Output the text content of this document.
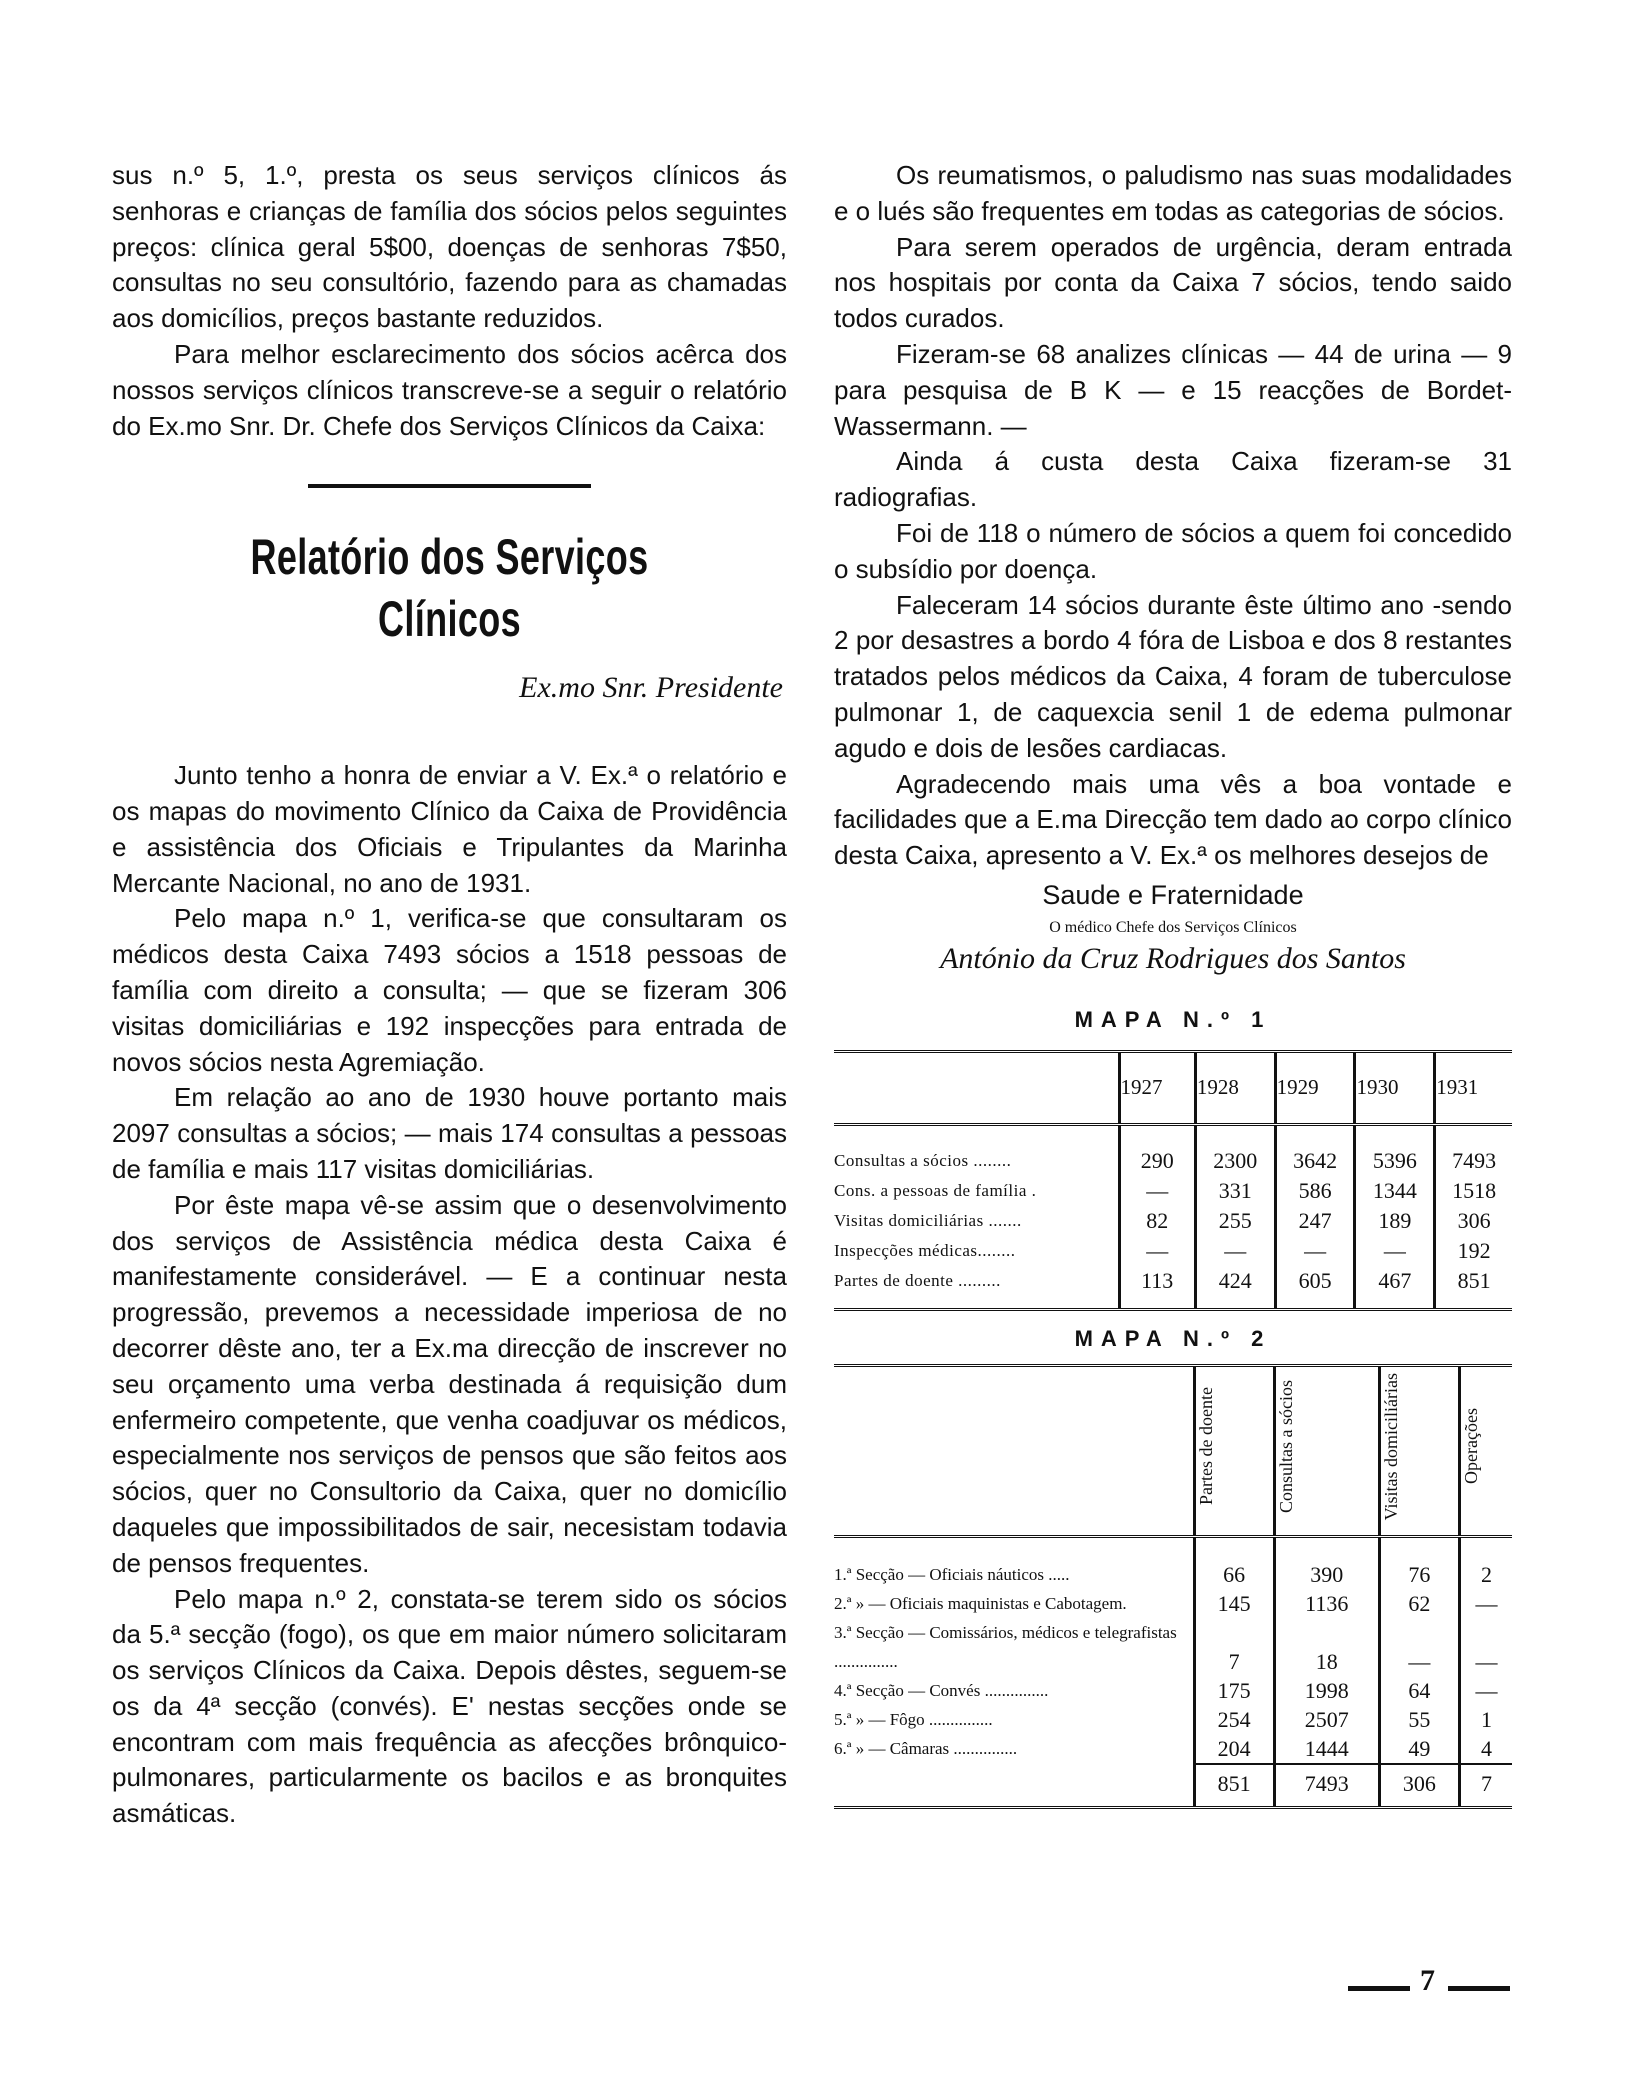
sus n.º 5, 1.º, presta os seus serviços clínicos ás senhoras e crianças de família dos sócios pelos seguintes preços: clínica geral 5$00, doenças de senhoras 7$50, consultas no seu consultório, fazendo para as chamadas aos domicílios, preços bastante reduzidos.

Para melhor esclarecimento dos sócios acêrca dos nossos serviços clínicos transcreve-se a seguir o relatório do Ex.mo Snr. Dr. Chefe dos Serviços Clínicos da Caixa:

Relatório dos Serviços Clínicos

Ex.mo Snr. Presidente

Junto tenho a honra de enviar a V. Ex.ª o relatório e os mapas do movimento Clínico da Caixa de Providência e assistência dos Oficiais e Tripulantes da Marinha Mercante Nacional, no ano de 1931.

Pelo mapa n.º 1, verifica-se que consultaram os médicos desta Caixa 7493 sócios a 1518 pessoas de família com direito a consulta; — que se fizeram 306 visitas domiciliárias e 192 inspecções para entrada de novos sócios nesta Agremiação.

Em relação ao ano de 1930 houve portanto mais 2097 consultas a sócios; — mais 174 consultas a pessoas de família e mais 117 visitas domiciliárias.

Por êste mapa vê-se assim que o desenvolvimento dos serviços de Assistência médica desta Caixa é manifestamente considerável. — E a continuar nesta progressão, prevemos a necessidade imperiosa de no decorrer dêste ano, ter a Ex.ma direcção de inscrever no seu orçamento uma verba destinada á requisição dum enfermeiro competente, que venha coadjuvar os médicos, especialmente nos serviços de pensos que são feitos aos sócios, quer no Consultorio da Caixa, quer no domicílio daqueles que impossibilitados de sair, necesistam todavia de pensos frequentes.

Pelo mapa n.º 2, constata-se terem sido os sócios da 5.ª secção (fogo), os que em maior número solicitaram os serviços Clínicos da Caixa. Depois dêstes, seguem-se os da 4ª secção (convés). E' nestas secções onde se encontram com mais frequência as afecções brônquico-pulmonares, particularmente os bacilos e as bronquites asmáticas.

Os reumatismos, o paludismo nas suas modalidades e o lués são frequentes em todas as categorias de sócios.

Para serem operados de urgência, deram entrada nos hospitais por conta da Caixa 7 sócios, tendo saido todos curados.

Fizeram-se 68 analizes clínicas — 44 de urina — 9 para pesquisa de B K — e 15 reacções de Bordet-Wassermann. —

Ainda á custa desta Caixa fizeram-se 31 radiografias.

Foi de 118 o número de sócios a quem foi concedido o subsídio por doença.

Faleceram 14 sócios durante êste último ano -sendo 2 por desastres a bordo 4 fóra de Lisboa e dos 8 restantes tratados pelos médicos da Caixa, 4 foram de tuberculose pulmonar 1, de caquexcia senil 1 de edema pulmonar agudo e dois de lesões cardiacas.

Agradecendo mais uma vês a boa vontade e facilidades que a E.ma Direcção tem dado ao corpo clínico desta Caixa, apresento a V. Ex.ª os melhores desejos de

Saude e Fraternidade

O médico Chefe dos Serviços Clínicos

António da Cruz Rodrigues dos Santos

MAPA N.º 1

	1927	1928	1929	1930	1931
Consultas a sócios ........	290	2300	3642	5396	7493
Cons. a pessoas de família .	—	331	586	1344	1518
Visitas domiciliárias .......	82	255	247	189	306
Inspecções médicas........	—	—	—	—	192
Partes de doente .........	113	424	605	467	851

MAPA N.º 2

	Partes de doente	Consultas a sócios	Visitas domiciliárias	Operações
1.ª Secção — Oficiais náuticos .....	66	390	76	2
2.ª » — Oficiais maquinistas e Cabotagem.	145	1136	62	—
3.ª Secção — Comissários, médicos e telegrafistas ...............	7	18	—	—
4.ª Secção — Convés ...............	175	1998	64	—
5.ª » — Fôgo ...............	254	2507	55	1
6.ª » — Câmaras ...............	204	1444	49	4
	851	7493	306	7
7
